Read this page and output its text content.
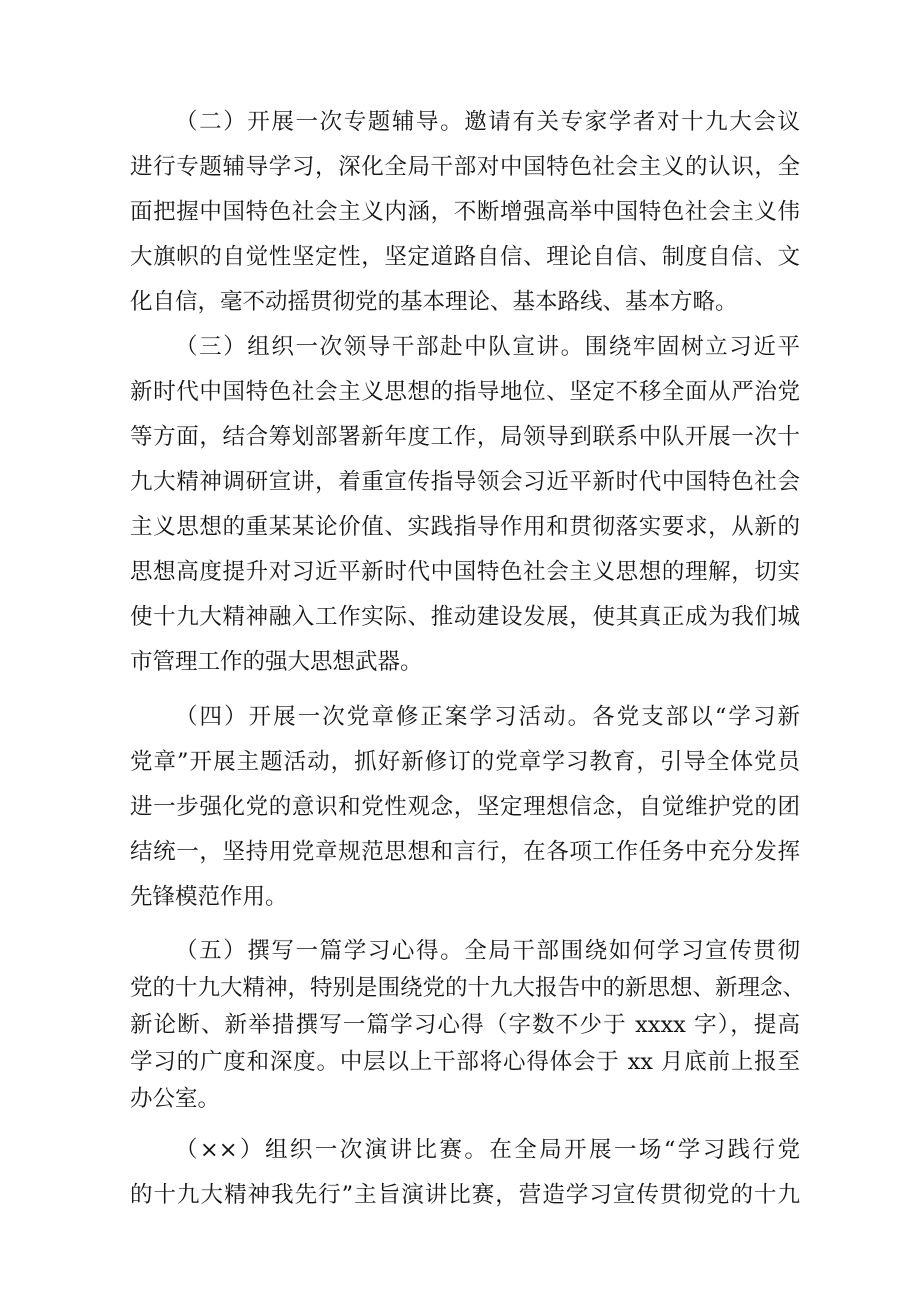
（二）开展一次专题辅导。邀请有关专家学者对十九大会议
进行专题辅导学习，深化全局干部对中国特色社会主义的认识，全
面把握中国特色社会主义内涵，不断增强高举中国特色社会主义伟
大旗帜的自觉性坚定性，坚定道路自信、理论自信、制度自信、文
化自信，毫不动摇贯彻党的基本理论、基本路线、基本方略。
（三）组织一次领导干部赴中队宣讲。围绕牢固树立习近平
新时代中国特色社会主义思想的指导地位、坚定不移全面从严治党
等方面，结合筹划部署新年度工作，局领导到联系中队开展一次十
九大精神调研宣讲，着重宣传指导领会习近平新时代中国特色社会
主义思想的重某某论价值、实践指导作用和贯彻落实要求，从新的
思想高度提升对习近平新时代中国特色社会主义思想的理解，切实
使十九大精神融入工作实际、推动建设发展，使其真正成为我们城
市管理工作的强大思想武器。
（四）开展一次党章修正案学习活动。各党支部以“学习新
党章”开展主题活动，抓好新修订的党章学习教育，引导全体党员
进一步强化党的意识和党性观念，坚定理想信念，自觉维护党的团
结统一，坚持用党章规范思想和言行，在各项工作任务中充分发挥
先锋模范作用。
（五）撰写一篇学习心得。全局干部围绕如何学习宣传贯彻
党的十九大精神，特别是围绕党的十九大报告中的新思想、新理念、
新论断、新举措撰写一篇学习心得（字数不少于 xxxx 字），提高
学习的广度和深度。中层以上干部将心得体会于 xx 月底前上报至
办公室。
（××）组织一次演讲比赛。在全局开展一场“学习践行党
的十九大精神我先行”主旨演讲比赛，营造学习宣传贯彻党的十九
